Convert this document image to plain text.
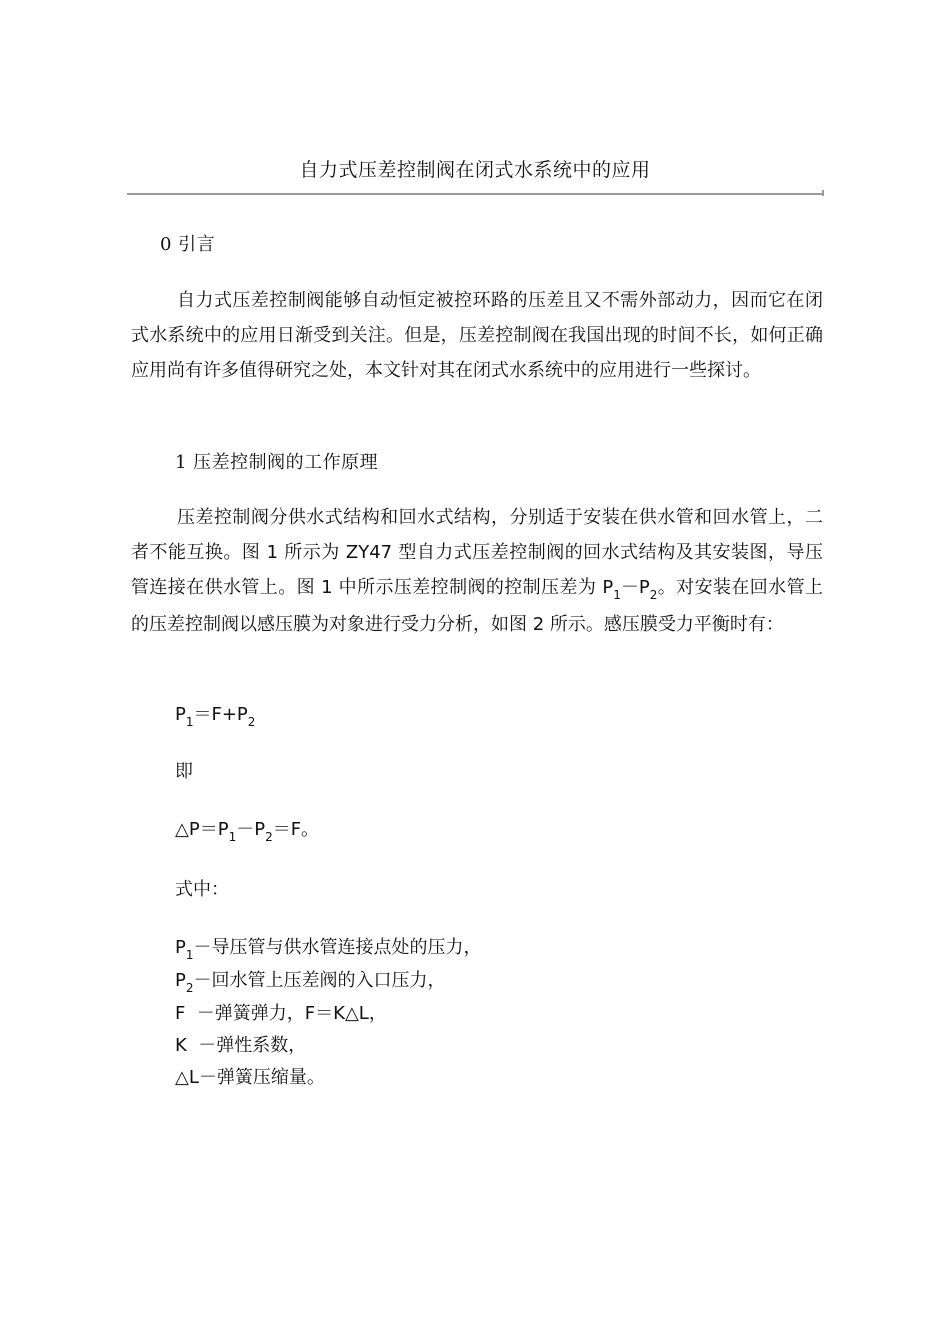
自力式压差控制阀在闭式水系统中的应用
0 引言
自力式压差控制阀能够自动恒定被控环路的压差且又不需外部动力，因而它在闭式水系统中的应用日渐受到关注。但是，压差控制阀在我国出现的时间不长，如何正确应用尚有许多值得研究之处，本文针对其在闭式水系统中的应用进行一些探讨。
1 压差控制阀的工作原理
压差控制阀分供水式结构和回水式结构，分别适于安装在供水管和回水管上，二者不能互换。图 1 所示为 ZY47 型自力式压差控制阀的回水式结构及其安装图，导压管连接在供水管上。图 1 中所示压差控制阀的控制压差为 $P_1-P_2$。对安装在回水管上的压差控制阀以感压膜为对象进行受力分析，如图 2 所示。感压膜受力平衡时有：
$P_1=F+P_2$
即
$\triangle P=P_1-P_2=F$。
式中：
$P_1-$导压管与供水管连接点处的压力，
$P_2-$回水管上压差阀的入口压力，
F  －弹簧弹力，F＝K△L，
K  －弹性系数，
△L－弹簧压缩量。
